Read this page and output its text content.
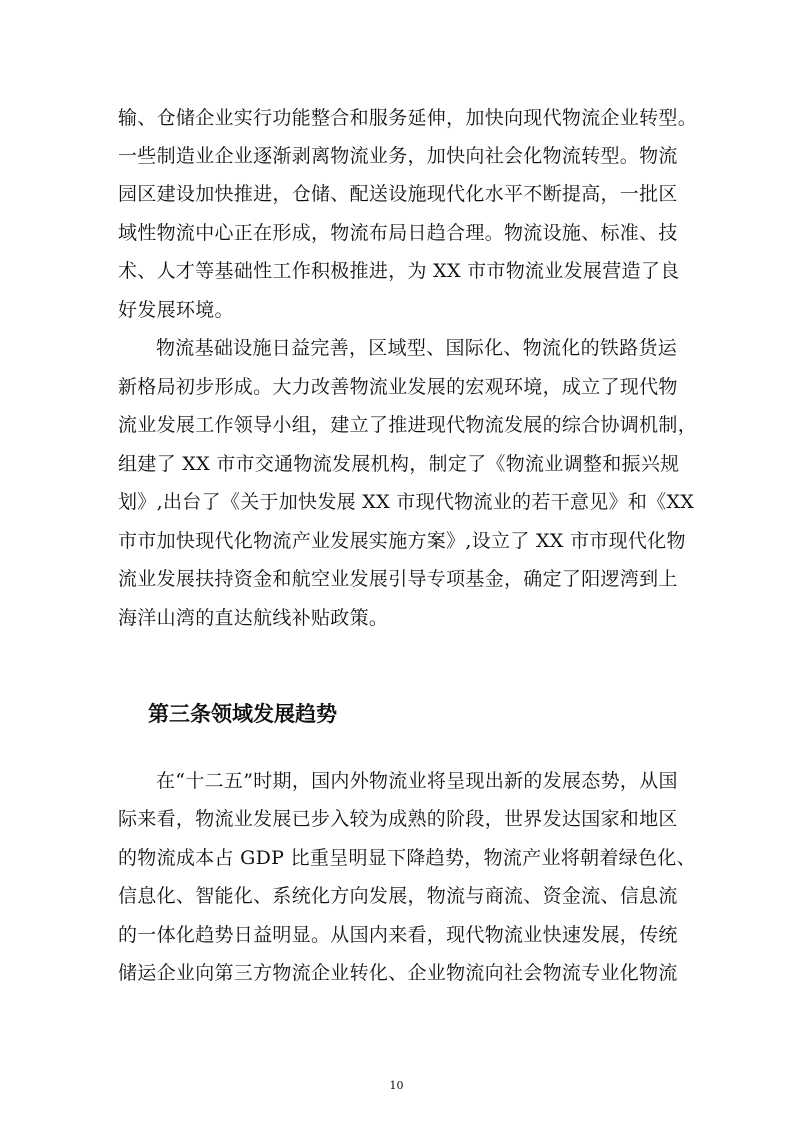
输、仓储企业实行功能整合和服务延伸，加快向现代物流企业转型。
一些制造业企业逐渐剥离物流业务，加快向社会化物流转型。物流
园区建设加快推进，仓储、配送设施现代化水平不断提高，一批区
域性物流中心正在形成，物流布局日趋合理。物流设施、标准、技
术、人才等基础性工作积极推进，为 XX 市市物流业发展营造了良
好发展环境。
物流基础设施日益完善，区域型、国际化、物流化的铁路货运
新格局初步形成。大力改善物流业发展的宏观环境，成立了现代物
流业发展工作领导小组，建立了推进现代物流发展的综合协调机制，
组建了 XX 市市交通物流发展机构，制定了《物流业调整和振兴规
划》,出台了《关于加快发展 XX 市现代物流业的若干意见》和《XX
市市加快现代化物流产业发展实施方案》,设立了 XX 市市现代化物
流业发展扶持资金和航空业发展引导专项基金，确定了阳逻湾到上
海洋山湾的直达航线补贴政策。
第三条领域发展趋势
在“十二五”时期，国内外物流业将呈现出新的发展态势，从国
际来看，物流业发展已步入较为成熟的阶段，世界发达国家和地区
的物流成本占 GDP 比重呈明显下降趋势，物流产业将朝着绿色化、
信息化、智能化、系统化方向发展，物流与商流、资金流、信息流
的一体化趋势日益明显。从国内来看，现代物流业快速发展，传统
储运企业向第三方物流企业转化、企业物流向社会物流专业化物流
10
